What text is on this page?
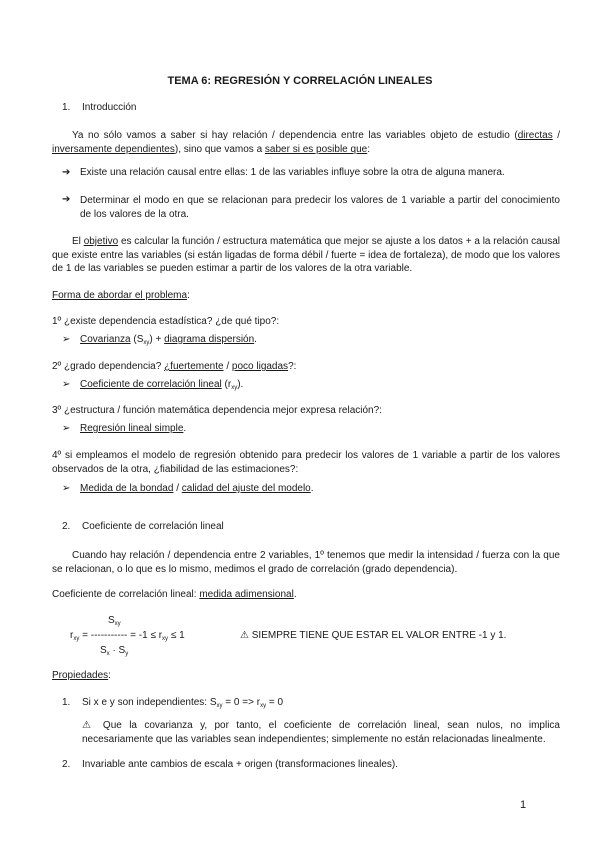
TEMA 6: REGRESIÓN Y CORRELACIÓN LINEALES
1. Introducción
Ya no sólo vamos a saber si hay relación / dependencia entre las variables objeto de estudio (directas / inversamente dependientes), sino que vamos a saber si es posible que:
➔ Existe una relación causal entre ellas: 1 de las variables influye sobre la otra de alguna manera.
➔ Determinar el modo en que se relacionan para predecir los valores de 1 variable a partir del conocimiento de los valores de la otra.
El objetivo es calcular la función / estructura matemática que mejor se ajuste a los datos + a la relación causal que existe entre las variables (si están ligadas de forma débil / fuerte = idea de fortaleza), de modo que los valores de 1 de las variables se pueden estimar a partir de los valores de la otra variable.
Forma de abordar el problema:
1º ¿existe dependencia estadística? ¿de qué tipo?:
➢ Covarianza $(S_{xy})$ + diagrama dispersión.
2º ¿grado dependencia? ¿fuertemente / poco ligadas?:
➢ Coeficiente de correlación lineal $(r_{xy})$.
3º ¿estructura / función matemática dependencia mejor expresa relación?:
➢ Regresión lineal simple.
4º si empleamos el modelo de regresión obtenido para predecir los valores de 1 variable a partir de los valores observados de la otra, ¿fiabilidad de las estimaciones?:
➢ Medida de la bondad / calidad del ajuste del modelo.
2. Coeficiente de correlación lineal
Cuando hay relación / dependencia entre 2 variables, 1º tenemos que medir la intensidad / fuerza con la que se relacionan, o lo que es lo mismo, medimos el grado de correlación (grado dependencia).
Coeficiente de correlación lineal: medida adimensional.
$S_{xy}$
$r_{xy}$ = ----------- = $-1 \le r_{xy} \le 1$
$S_x \cdot S_y$
⚠ SIEMPRE TIENE QUE ESTAR EL VALOR ENTRE -1 y 1.
Propiedades:
1. Si x e y son independientes: $S_{xy} = 0 => r_{xy} = 0$
⚠ Que la covarianza y, por tanto, el coeficiente de correlación lineal, sean nulos, no implica necesariamente que las variables sean independientes; simplemente no están relacionadas linealmente.
2. Invariable ante cambios de escala + origen (transformaciones lineales).
1
